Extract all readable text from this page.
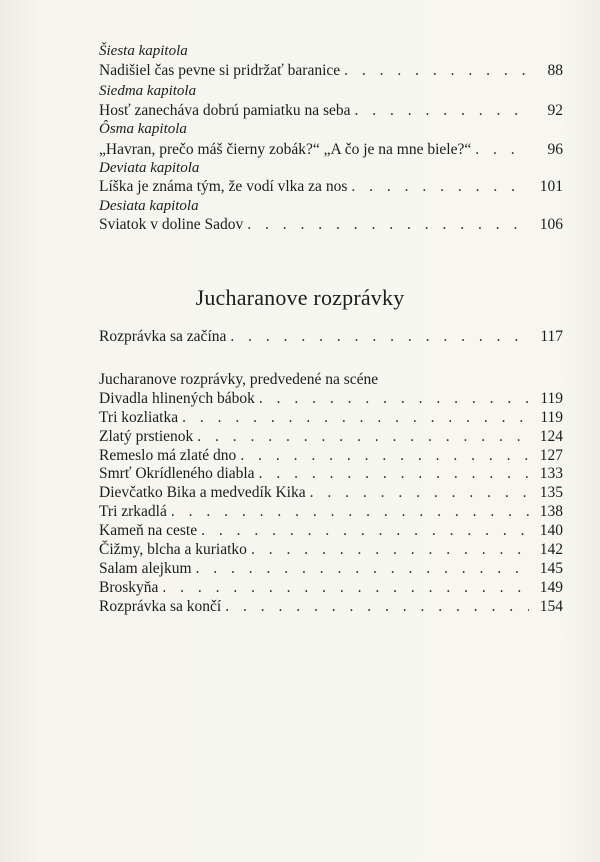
Šiesta kapitola
Nadišiel čas pevne si pridržať baranice . . .	88
Siedma kapitola
Hosť zanecháva dobrú pamiatku na seba . . .	92
Ôsma kapitola
„Havran, prečo máš čierny zobák?“ „A čo je na mne biele?“ . . .	96
Deviata kapitola
Líška je známa tým, že vodí vlka za nos . . .	101
Desiata kapitola
Sviatok v doline Sadov . . .	106
Rozprávka sa začína . . .	117
Jucharanove rozprávky, predvedené na scéne
Divadla hlinených bábok . . .	119
Tri kozliatka . . .	119
Zlatý prstienok . . .	124
Remeslo má zlaté dno . . .	127
Smrť Okrídleného diabla . . .	133
Dievčatko Bika a medvedík Kika . . .	135
Tri zrkadlá . . .	138
Kameň na ceste . . .	140
Čižmy, blcha a kuriatko . . .	142
Salam alejkum . . .	145
Broskyňa . . .	149
Rozprávka sa končí . . .	154
Jucharanove rozprávky
